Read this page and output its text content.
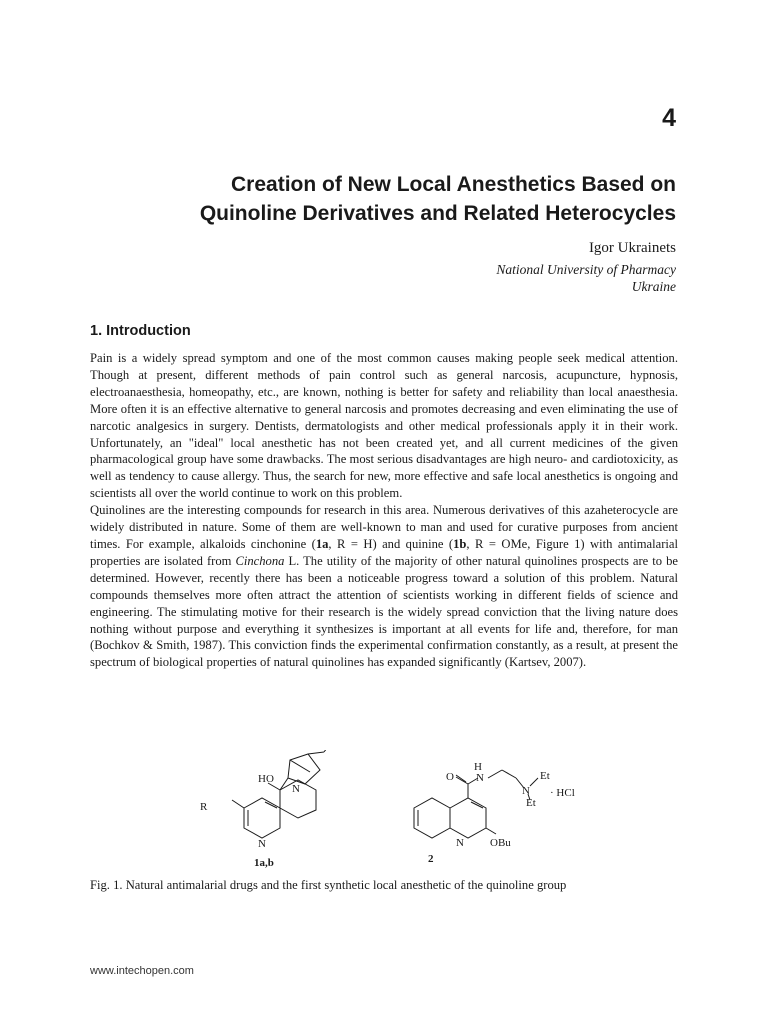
4
Creation of New Local Anesthetics Based on
Quinoline Derivatives and Related Heterocycles
Igor Ukrainets
National University of Pharmacy
Ukraine
1. Introduction

Pain is a widely spread symptom and one of the most common causes making people seek medical attention. Though at present, different methods of pain control such as general narcosis, acupuncture, hypnosis, electroanaesthesia, homeopathy, etc., are known, nothing is better for safety and reliability than local anaesthesia. More often it is an effective alternative to general narcosis and promotes decreasing and even eliminating the use of narcotic analgesics in surgery. Dentists, dermatologists and other medical professionals apply it in their work. Unfortunately, an "ideal" local anesthetic has not been created yet, and all current medicines of the given pharmacological group have some drawbacks. The most serious disadvantages are high neuro- and cardiotoxicity, as well as tendency to cause allergy. Thus, the search for new, more effective and safe local anesthetics is ongoing and scientists all over the world continue to work on this problem.

Quinolines are the interesting compounds for research in this area. Numerous derivatives of this azaheterocycle are widely distributed in nature. Some of them are well-known to man and used for curative purposes from ancient times. For example, alkaloids cinchonine (1a, R = H) and quinine (1b, R = OMe, Figure 1) with antimalarial properties are isolated from Cinchona L. The utility of the majority of other natural quinolines prospects are to be determined. However, recently there has been a noticeable progress toward a solution of this problem. Natural compounds themselves more often attract the attention of scientists working in different fields of science and engineering. The stimulating motive for their research is the widely spread conviction that the living nature does nothing without purpose and everything it synthesizes is important at all events for life and, therefore, for man (Bochkov & Smith, 1987). This conviction finds the experimental confirmation constantly, as a result, at present the spectrum of biological properties of natural quinolines has expanded significantly (Kartsev, 2007).

HO
R
N
N
1a,b
H
O N	Et
N · HCl
Et
N OBu
2

Fig. 1. Natural antimalarial drugs and the first synthetic local anesthetic of the quinoline group

www.intechopen.com
